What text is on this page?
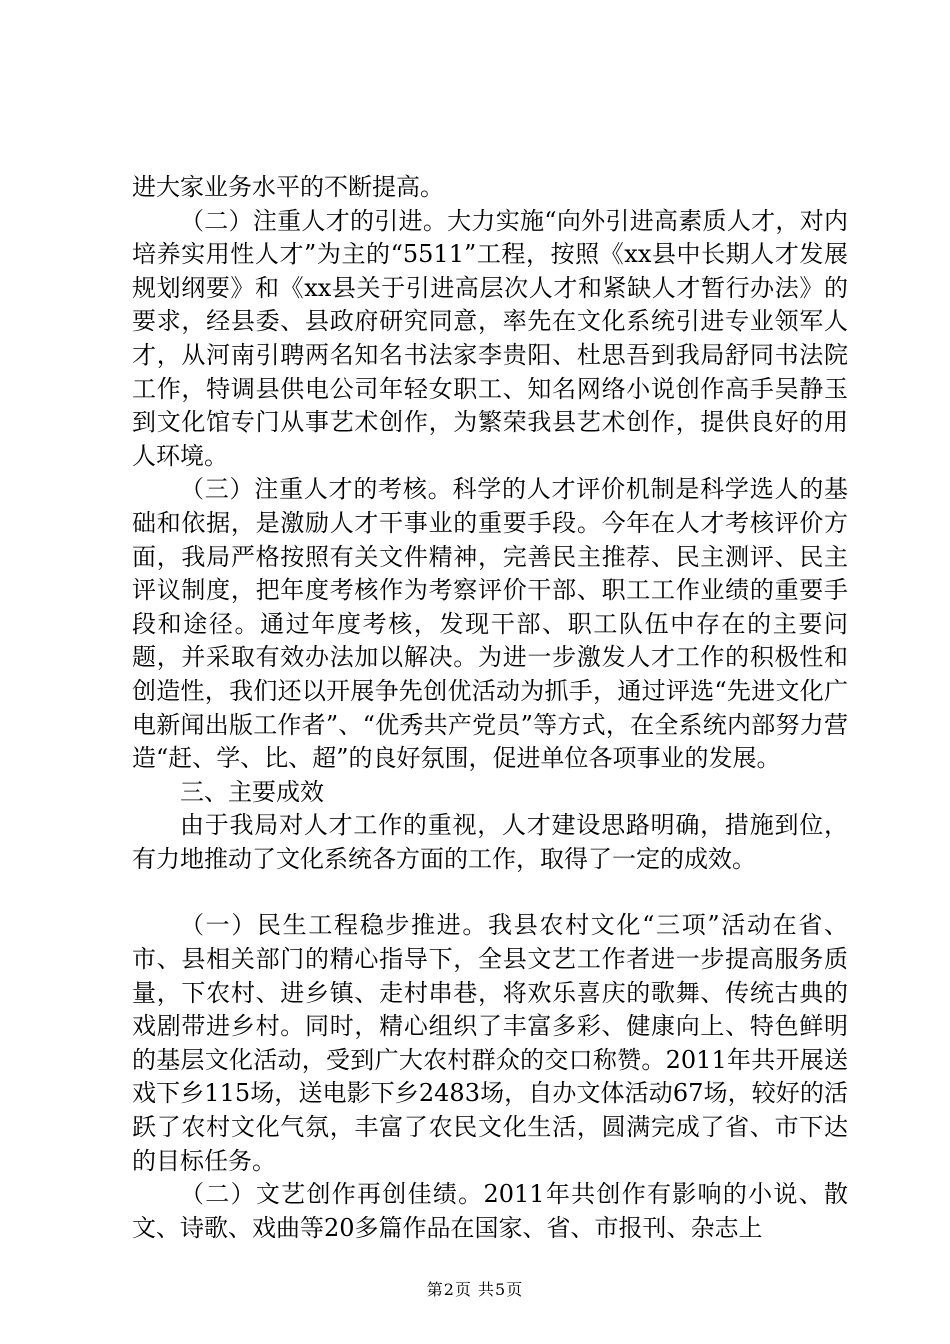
进大家业务水平的不断提高。

（二）注重人才的引进。大力实施“向外引进高素质人才，对内培养实用性人才”为主的“5511”工程，按照《xx县中长期人才发展规划纲要》和《xx县关于引进高层次人才和紧缺人才暂行办法》的要求，经县委、县政府研究同意，率先在文化系统引进专业领军人才，从河南引聘两名知名书法家李贵阳、杜思吾到我局舒同书法院工作，特调县供电公司年轻女职工、知名网络小说创作高手吴静玉到文化馆专门从事艺术创作，为繁荣我县艺术创作，提供良好的用人环境。

（三）注重人才的考核。科学的人才评价机制是科学选人的基础和依据，是激励人才干事业的重要手段。今年在人才考核评价方面，我局严格按照有关文件精神，完善民主推荐、民主测评、民主评议制度，把年度考核作为考察评价干部、职工工作业绩的重要手段和途径。通过年度考核，发现干部、职工队伍中存在的主要问题，并采取有效办法加以解决。为进一步激发人才工作的积极性和创造性，我们还以开展争先创优活动为抓手，通过评选“先进文化广电新闻出版工作者”、“优秀共产党员”等方式，在全系统内部努力营造“赶、学、比、超”的良好氛围，促进单位各项事业的发展。

三、主要成效

由于我局对人才工作的重视，人才建设思路明确，措施到位，有力地推动了文化系统各方面的工作，取得了一定的成效。

（一）民生工程稳步推进。我县农村文化“三项”活动在省、市、县相关部门的精心指导下，全县文艺工作者进一步提高服务质量，下农村、进乡镇、走村串巷，将欢乐喜庆的歌舞、传统古典的戏剧带进乡村。同时，精心组织了丰富多彩、健康向上、特色鲜明的基层文化活动，受到广大农村群众的交口称赞。2011年共开展送戏下乡115场，送电影下乡2483场，自办文体活动67场，较好的活跃了农村文化气氛，丰富了农民文化生活，圆满完成了省、市下达的目标任务。

（二）文艺创作再创佳绩。2011年共创作有影响的小说、散文、诗歌、戏曲等20多篇作品在国家、省、市报刊、杂志上

第2页 共5页
